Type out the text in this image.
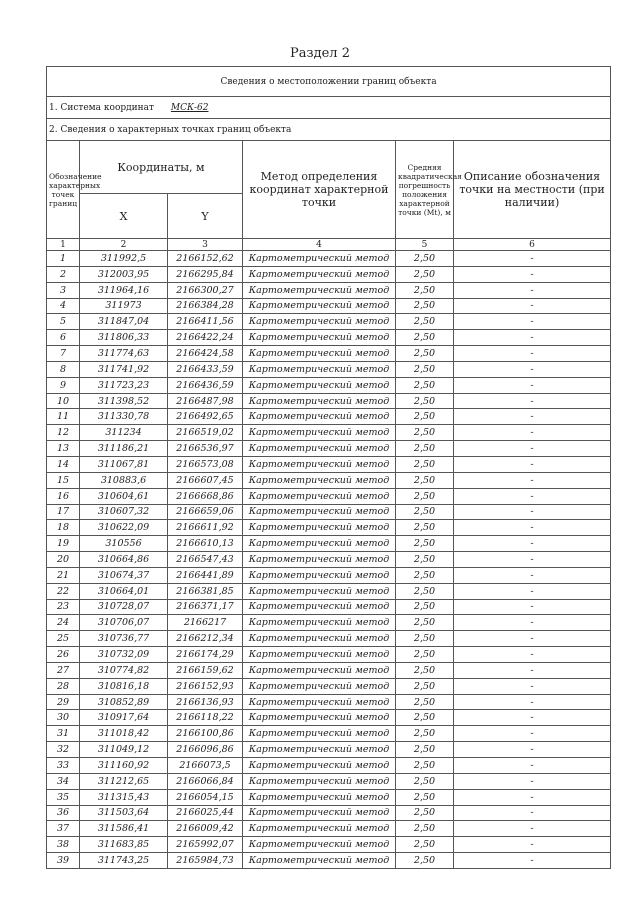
Раздел 2
Сведения о местоположении границ объекта					
1. Система координат МСК-62					
2. Сведения о характерных точках границ объекта					
Обозначение характерных точек границ	Координаты, м		Метод определения координат характерной точки	Средняя квадратическая погрешность положения характерной точки (Mt), м	Описание обозначения точки на местности (при наличии)
	X	Y			
1	2	3	4	5	6
1	311992,5	2166152,62	Картометрический метод	2,50	-
2	312003,95	2166295,84	Картометрический метод	2,50	-
3	311964,16	2166300,27	Картометрический метод	2,50	-
4	311973	2166384,28	Картометрический метод	2,50	-
5	311847,04	2166411,56	Картометрический метод	2,50	-
6	311806,33	2166422,24	Картометрический метод	2,50	-
7	311774,63	2166424,58	Картометрический метод	2,50	-
8	311741,92	2166433,59	Картометрический метод	2,50	-
9	311723,23	2166436,59	Картометрический метод	2,50	-
10	311398,52	2166487,98	Картометрический метод	2,50	-
11	311330,78	2166492,65	Картометрический метод	2,50	-
12	311234	2166519,02	Картометрический метод	2,50	-
13	311186,21	2166536,97	Картометрический метод	2,50	-
14	311067,81	2166573,08	Картометрический метод	2,50	-
15	310883,6	2166607,45	Картометрический метод	2,50	-
16	310604,61	2166668,86	Картометрический метод	2,50	-
17	310607,32	2166659,06	Картометрический метод	2,50	-
18	310622,09	2166611,92	Картометрический метод	2,50	-
19	310556	2166610,13	Картометрический метод	2,50	-
20	310664,86	2166547,43	Картометрический метод	2,50	-
21	310674,37	2166441,89	Картометрический метод	2,50	-
22	310664,01	2166381,85	Картометрический метод	2,50	-
23	310728,07	2166371,17	Картометрический метод	2,50	-
24	310706,07	2166217	Картометрический метод	2,50	-
25	310736,77	2166212,34	Картометрический метод	2,50	-
26	310732,09	2166174,29	Картометрический метод	2,50	-
27	310774,82	2166159,62	Картометрический метод	2,50	-
28	310816,18	2166152,93	Картометрический метод	2,50	-
29	310852,89	2166136,93	Картометрический метод	2,50	-
30	310917,64	2166118,22	Картометрический метод	2,50	-
31	311018,42	2166100,86	Картометрический метод	2,50	-
32	311049,12	2166096,86	Картометрический метод	2,50	-
33	311160,92	2166073,5	Картометрический метод	2,50	-
34	311212,65	2166066,84	Картометрический метод	2,50	-
35	311315,43	2166054,15	Картометрический метод	2,50	-
36	311503,64	2166025,44	Картометрический метод	2,50	-
37	311586,41	2166009,42	Картометрический метод	2,50	-
38	311683,85	2165992,07	Картометрический метод	2,50	-
39	311743,25	2165984,73	Картометрический метод	2,50	-
